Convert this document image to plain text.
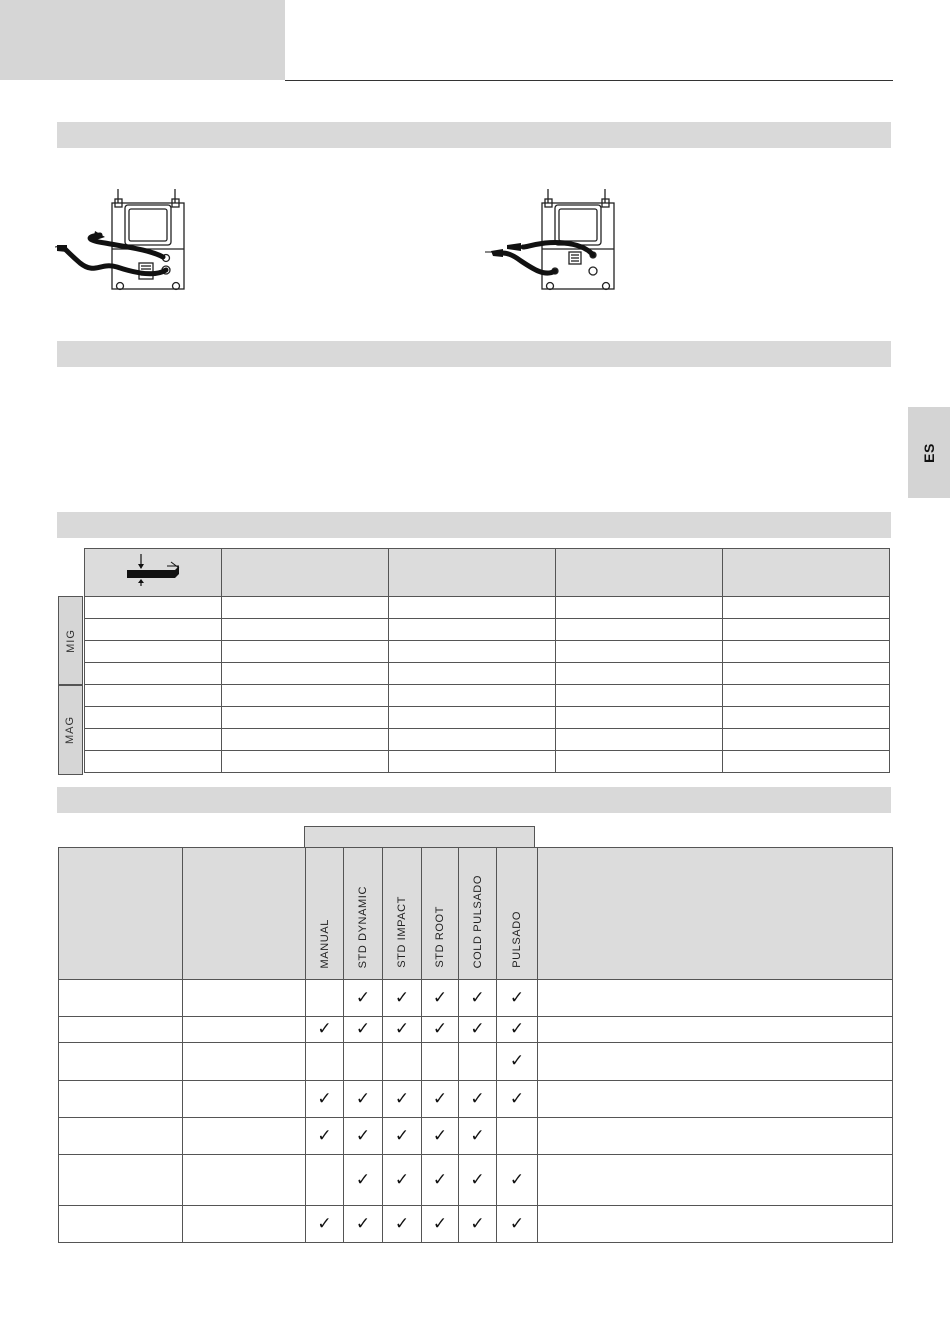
ES
MIG
MAG

		MANUAL	STD DYNAMIC	STD IMPACT	STD ROOT	COLD PULSADO	PULSADO	
			✓	✓	✓	✓	✓	
		✓	✓	✓	✓	✓	✓	
							✓	
		✓	✓	✓	✓	✓	✓	
		✓	✓	✓	✓	✓		
			✓	✓	✓	✓	✓	
		✓	✓	✓	✓	✓	✓	
